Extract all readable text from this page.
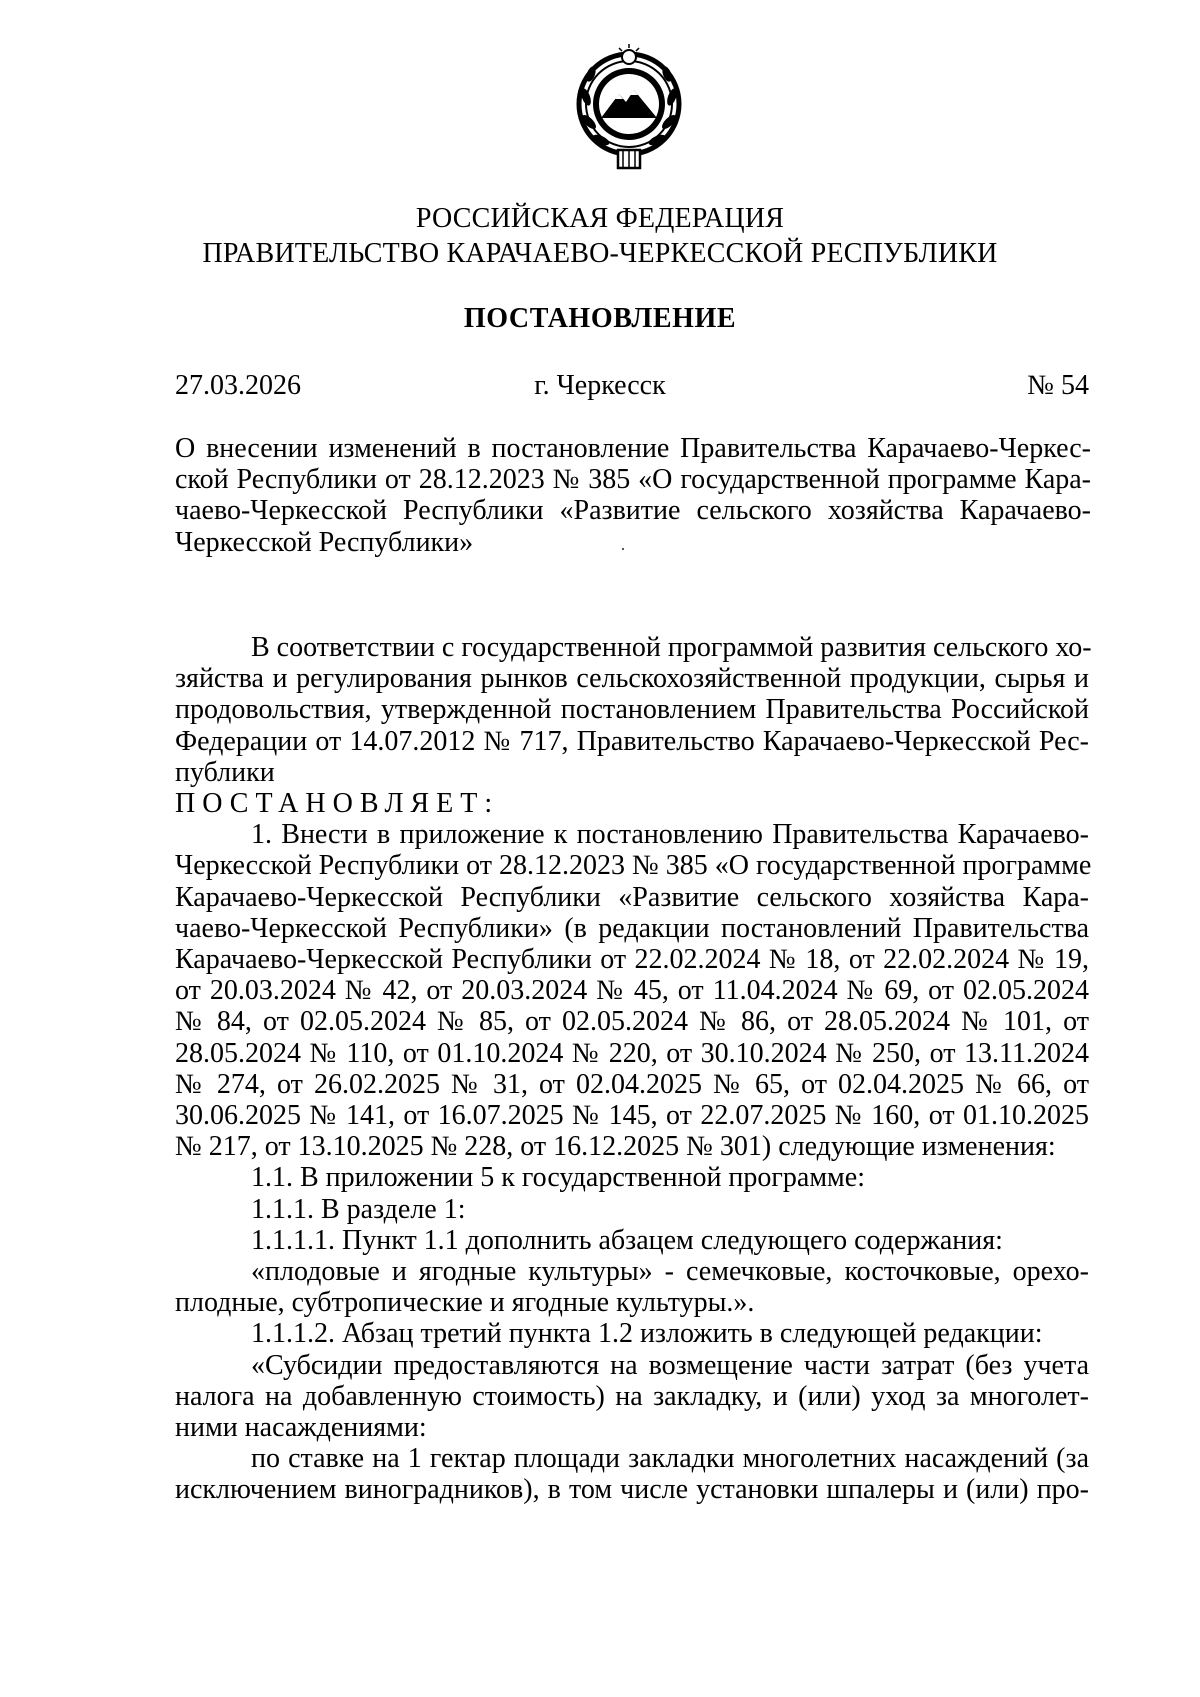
РОССИЙСКАЯ ФЕДЕРАЦИЯ
ПРАВИТЕЛЬСТВО КАРАЧАЕВО-ЧЕРКЕССКОЙ РЕСПУБЛИКИ
ПОСТАНОВЛЕНИЕ
27.03.2026	г. Черкесск	№ 54
О внесении изменений в постановление Правительства Карачаево-Черкес-
ской Республики от 28.12.2023 № 385 «О государственной программе Кара-
чаево-Черкесской Республики «Развитие сельского хозяйства Карачаево-
Черкесской Республики»
В соответствии с государственной программой развития сельского хо-
зяйства и регулирования рынков сельскохозяйственной продукции, сырья и
продовольствия, утвержденной постановлением Правительства Российской
Федерации от 14.07.2012 № 717, Правительство Карачаево-Черкесской Рес-
публики
ПОСТАНОВЛЯЕТ:
1. Внести в приложение к постановлению Правительства Карачаево-
Черкесской Республики от 28.12.2023 № 385 «О государственной программе
Карачаево-Черкесской Республики «Развитие сельского хозяйства Кара-
чаево-Черкесской Республики» (в редакции постановлений Правительства
Карачаево-Черкесской Республики от 22.02.2024 № 18, от 22.02.2024 № 19,
от 20.03.2024 № 42, от 20.03.2024 № 45, от 11.04.2024 № 69, от 02.05.2024
№ 84, от 02.05.2024 № 85, от 02.05.2024 № 86, от 28.05.2024 № 101, от
28.05.2024 № 110, от 01.10.2024 № 220, от 30.10.2024 № 250, от 13.11.2024
№ 274, от 26.02.2025 № 31, от 02.04.2025 № 65, от 02.04.2025 № 66, от
30.06.2025 № 141, от 16.07.2025 № 145, от 22.07.2025 № 160, от 01.10.2025
№ 217, от 13.10.2025 № 228, от 16.12.2025 № 301) следующие изменения:
1.1. В приложении 5 к государственной программе:
1.1.1. В разделе 1:
1.1.1.1. Пункт 1.1 дополнить абзацем следующего содержания:
«плодовые и ягодные культуры» - семечковые, косточковые, орехо-
плодные, субтропические и ягодные культуры.».
1.1.1.2. Абзац третий пункта 1.2 изложить в следующей редакции:
«Субсидии предоставляются на возмещение части затрат (без учета
налога на добавленную стоимость) на закладку, и (или) уход за многолет-
ними насаждениями:
по ставке на 1 гектар площади закладки многолетних насаждений (за
исключением виноградников), в том числе установки шпалеры и (или) про-
